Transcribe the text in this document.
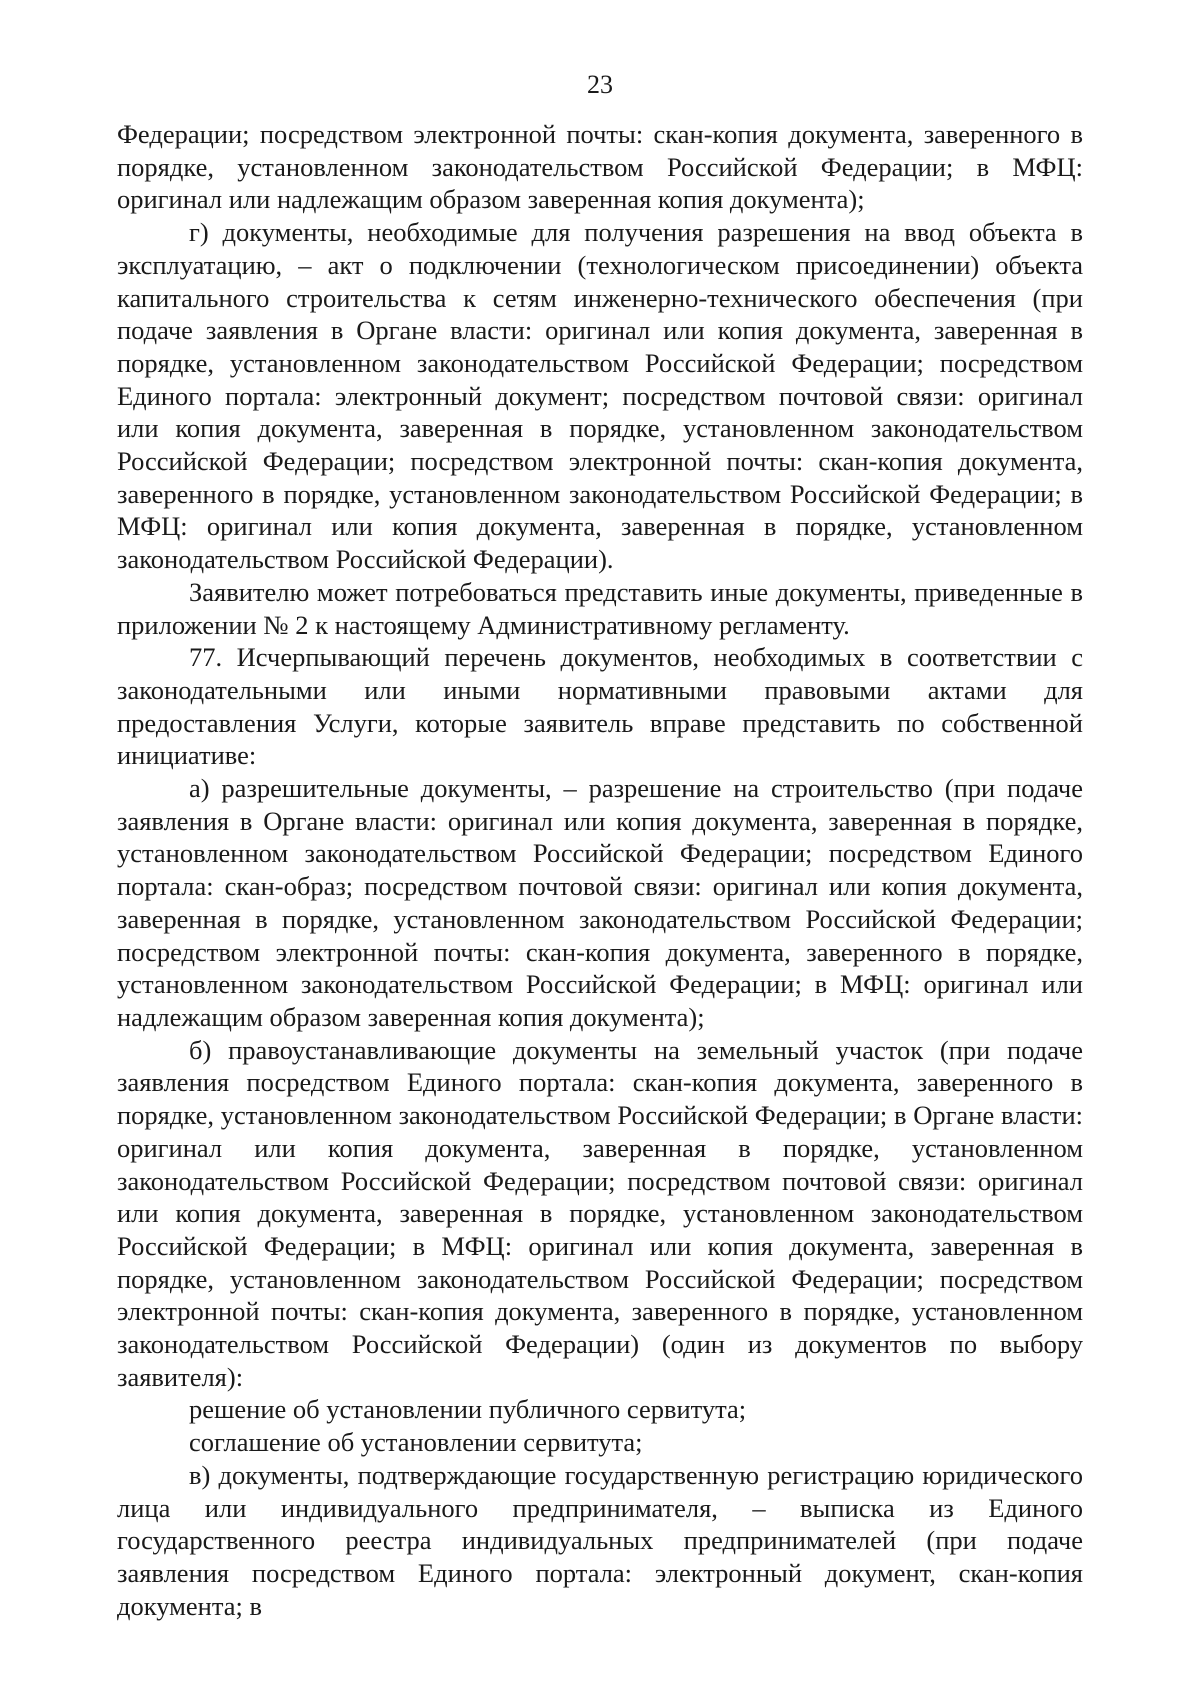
23

Федерации; посредством электронной почты: скан-копия документа, заверенного в порядке, установленном законодательством Российской Федерации; в МФЦ: оригинал или надлежащим образом заверенная копия документа);

г) документы, необходимые для получения разрешения на ввод объекта в эксплуатацию, – акт о подключении (технологическом присоединении) объекта капитального строительства к сетям инженерно-технического обеспечения (при подаче заявления в Органе власти: оригинал или копия документа, заверенная в порядке, установленном законодательством Российской Федерации; посредством Единого портала: электронный документ; посредством почтовой связи: оригинал или копия документа, заверенная в порядке, установленном законодательством Российской Федерации; посредством электронной почты: скан-копия документа, заверенного в порядке, установленном законодательством Российской Федерации; в МФЦ: оригинал или копия документа, заверенная в порядке, установленном законодательством Российской Федерации).

Заявителю может потребоваться представить иные документы, приведенные в приложении № 2 к настоящему Административному регламенту.

77. Исчерпывающий перечень документов, необходимых в соответствии с законодательными или иными нормативными правовыми актами для предоставления Услуги, которые заявитель вправе представить по собственной инициативе:

а) разрешительные документы, – разрешение на строительство (при подаче заявления в Органе власти: оригинал или копия документа, заверенная в порядке, установленном законодательством Российской Федерации; посредством Единого портала: скан-образ; посредством почтовой связи: оригинал или копия документа, заверенная в порядке, установленном законодательством Российской Федерации; посредством электронной почты: скан-копия документа, заверенного в порядке, установленном законодательством Российской Федерации; в МФЦ: оригинал или надлежащим образом заверенная копия документа);

б) правоустанавливающие документы на земельный участок (при подаче заявления посредством Единого портала: скан-копия документа, заверенного в порядке, установленном законодательством Российской Федерации; в Органе власти: оригинал или копия документа, заверенная в порядке, установленном законодательством Российской Федерации; посредством почтовой связи: оригинал или копия документа, заверенная в порядке, установленном законодательством Российской Федерации; в МФЦ: оригинал или копия документа, заверенная в порядке, установленном законодательством Российской Федерации; посредством электронной почты: скан-копия документа, заверенного в порядке, установленном законодательством Российской Федерации) (один из документов по выбору заявителя):

решение об установлении публичного сервитута;

соглашение об установлении сервитута;

в) документы, подтверждающие государственную регистрацию юридического лица или индивидуального предпринимателя, – выписка из Единого государственного реестра индивидуальных предпринимателей (при подаче заявления посредством Единого портала: электронный документ, скан-копия документа; в
